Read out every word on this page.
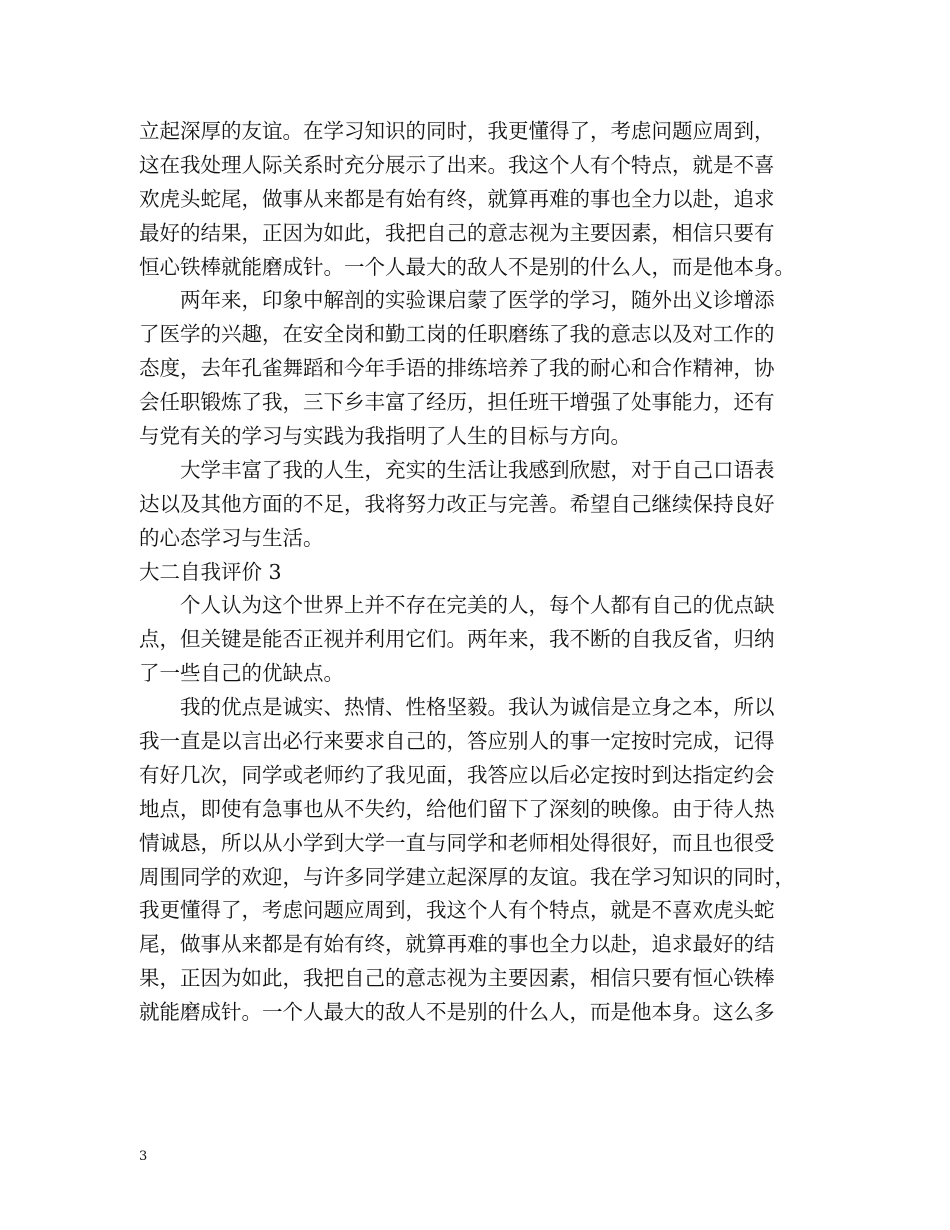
立起深厚的友谊。在学习知识的同时，我更懂得了，考虑问题应周到，
这在我处理人际关系时充分展示了出来。我这个人有个特点，就是不喜
欢虎头蛇尾，做事从来都是有始有终，就算再难的事也全力以赴，追求
最好的结果，正因为如此，我把自己的意志视为主要因素，相信只要有
恒心铁棒就能磨成针。一个人最大的敌人不是别的什么人，而是他本身。
两年来，印象中解剖的实验课启蒙了医学的学习，随外出义诊增添
了医学的兴趣，在安全岗和勤工岗的任职磨练了我的意志以及对工作的
态度，去年孔雀舞蹈和今年手语的排练培养了我的耐心和合作精神，协
会任职锻炼了我，三下乡丰富了经历，担任班干增强了处事能力，还有
与党有关的学习与实践为我指明了人生的目标与方向。
大学丰富了我的人生，充实的生活让我感到欣慰，对于自己口语表
达以及其他方面的不足，我将努力改正与完善。希望自己继续保持良好
的心态学习与生活。
大二自我评价 3
个人认为这个世界上并不存在完美的人，每个人都有自己的优点缺
点，但关键是能否正视并利用它们。两年来，我不断的自我反省，归纳
了一些自己的优缺点。
我的优点是诚实、热情、性格坚毅。我认为诚信是立身之本，所以
我一直是以言出必行来要求自己的，答应别人的事一定按时完成，记得
有好几次，同学或老师约了我见面，我答应以后必定按时到达指定约会
地点，即使有急事也从不失约，给他们留下了深刻的映像。由于待人热
情诚恳，所以从小学到大学一直与同学和老师相处得很好，而且也很受
周围同学的欢迎，与许多同学建立起深厚的友谊。我在学习知识的同时，
我更懂得了，考虑问题应周到，我这个人有个特点，就是不喜欢虎头蛇
尾，做事从来都是有始有终，就算再难的事也全力以赴，追求最好的结
果，正因为如此，我把自己的意志视为主要因素，相信只要有恒心铁棒
就能磨成针。一个人最大的敌人不是别的什么人，而是他本身。这么多
3
